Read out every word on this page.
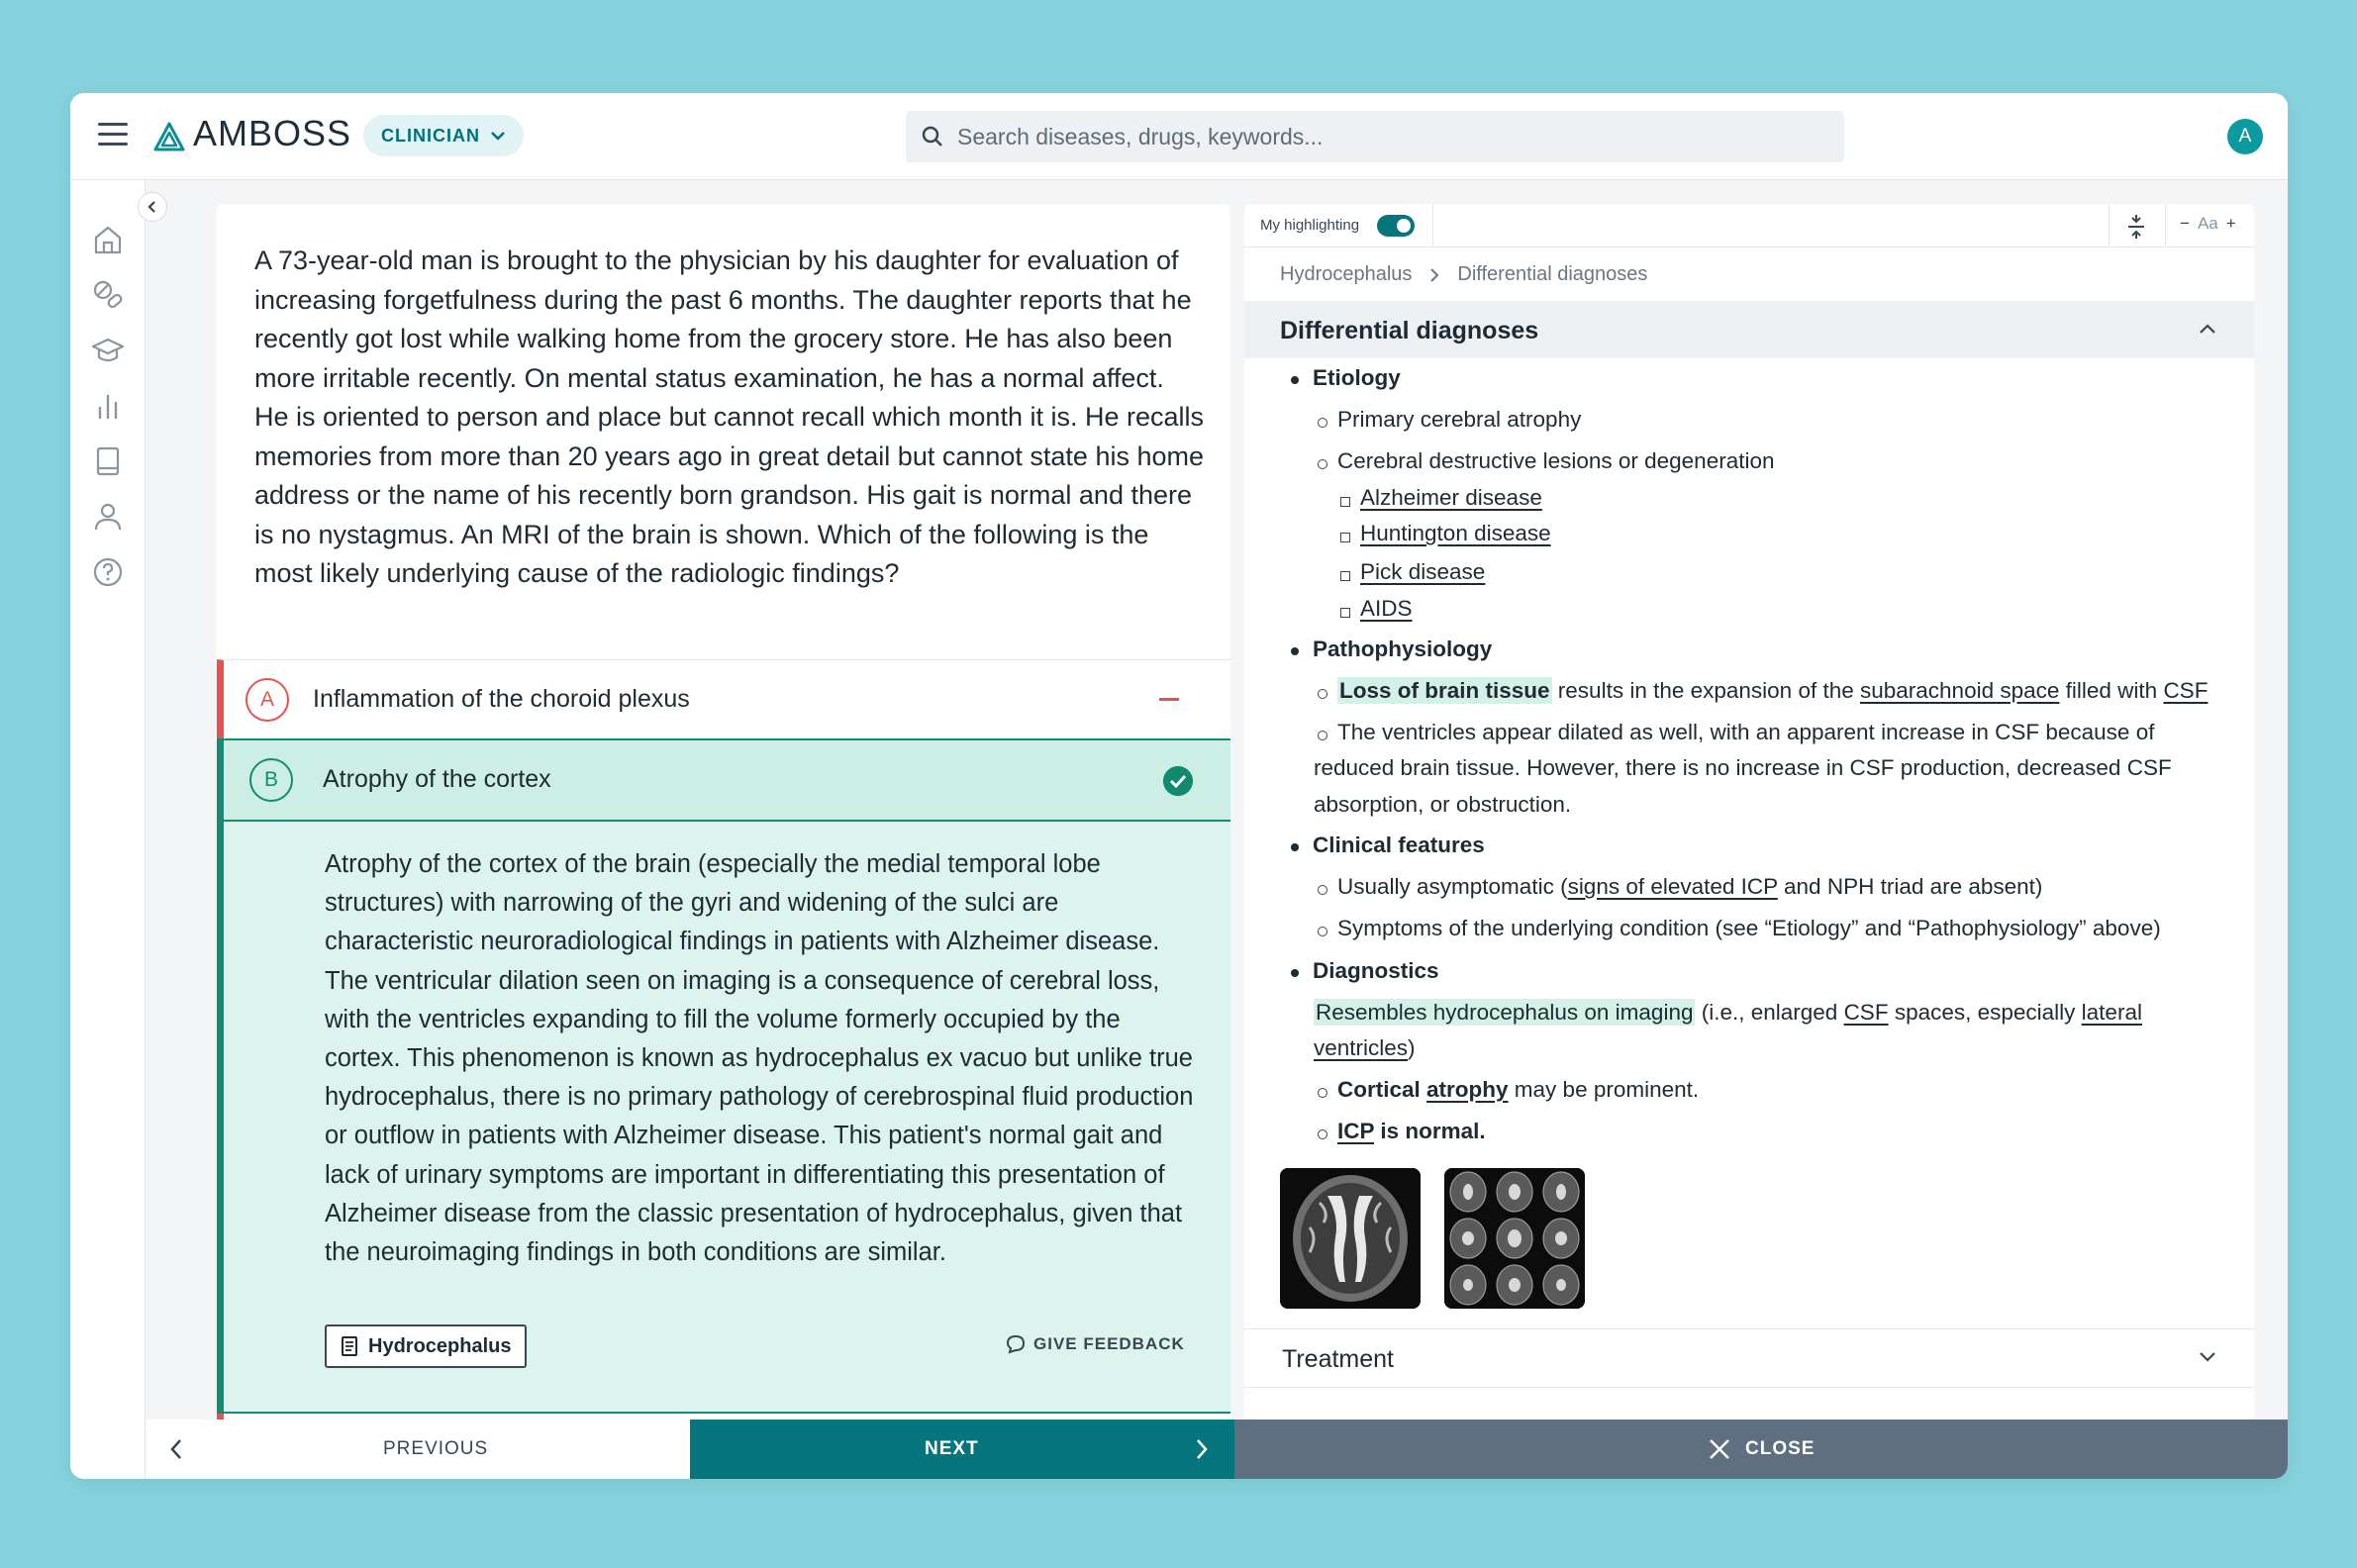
AMBOSS CLINICIAN
Search diseases, drugs, keywords...	A
A 73-year-old man is brought to the physician by his daughter for evaluation of increasing forgetfulness during the past 6 months. The daughter reports that he recently got lost while walking home from the grocery store. He has also been more irritable recently. On mental status examination, he has a normal affect. He is oriented to person and place but cannot recall which month it is. He recalls memories from more than 20 years ago in great detail but cannot state his home address or the name of his recently born grandson. His gait is normal and there is no nystagmus. An MRI of the brain is shown. Which of the following is the most likely underlying cause of the radiologic findings?
A	Inflammation of the choroid plexus
B	Atrophy of the cortex
Atrophy of the cortex of the brain (especially the medial temporal lobe structures) with narrowing of the gyri and widening of the sulci are characteristic neuroradiological findings in patients with Alzheimer disease. The ventricular dilation seen on imaging is a consequence of cerebral loss, with the ventricles expanding to fill the volume formerly occupied by the cortex. This phenomenon is known as hydrocephalus ex vacuo but unlike true hydrocephalus, there is no primary pathology of cerebrospinal fluid production or outflow in patients with Alzheimer disease. This patient's normal gait and lack of urinary symptoms are important in differentiating this presentation of Alzheimer disease from the classic presentation of hydrocephalus, given that the neuroimaging findings in both conditions are similar.
Hydrocephalus	GIVE FEEDBACK
My highlighting	− Aa +
Hydrocephalus Differential diagnoses
Differential diagnoses
Etiology
Primary cerebral atrophy
Cerebral destructive lesions or degeneration
Alzheimer disease
Huntington disease
Pick disease
AIDS
Pathophysiology
Loss of brain tissue results in the expansion of the subarachnoid space filled with CSF
The ventricles appear dilated as well, with an apparent increase in CSF because of
reduced brain tissue. However, there is no increase in CSF production, decreased CSF
absorption, or obstruction.
Clinical features
Usually asymptomatic (signs of elevated ICP and NPH triad are absent)
Symptoms of the underlying condition (see “Etiology” and “Pathophysiology” above)
Diagnostics
Resembles hydrocephalus on imaging (i.e., enlarged CSF spaces, especially lateral
ventricles)
Cortical atrophy may be prominent.
ICP is normal.
Treatment
PREVIOUS	NEXT	CLOSE
